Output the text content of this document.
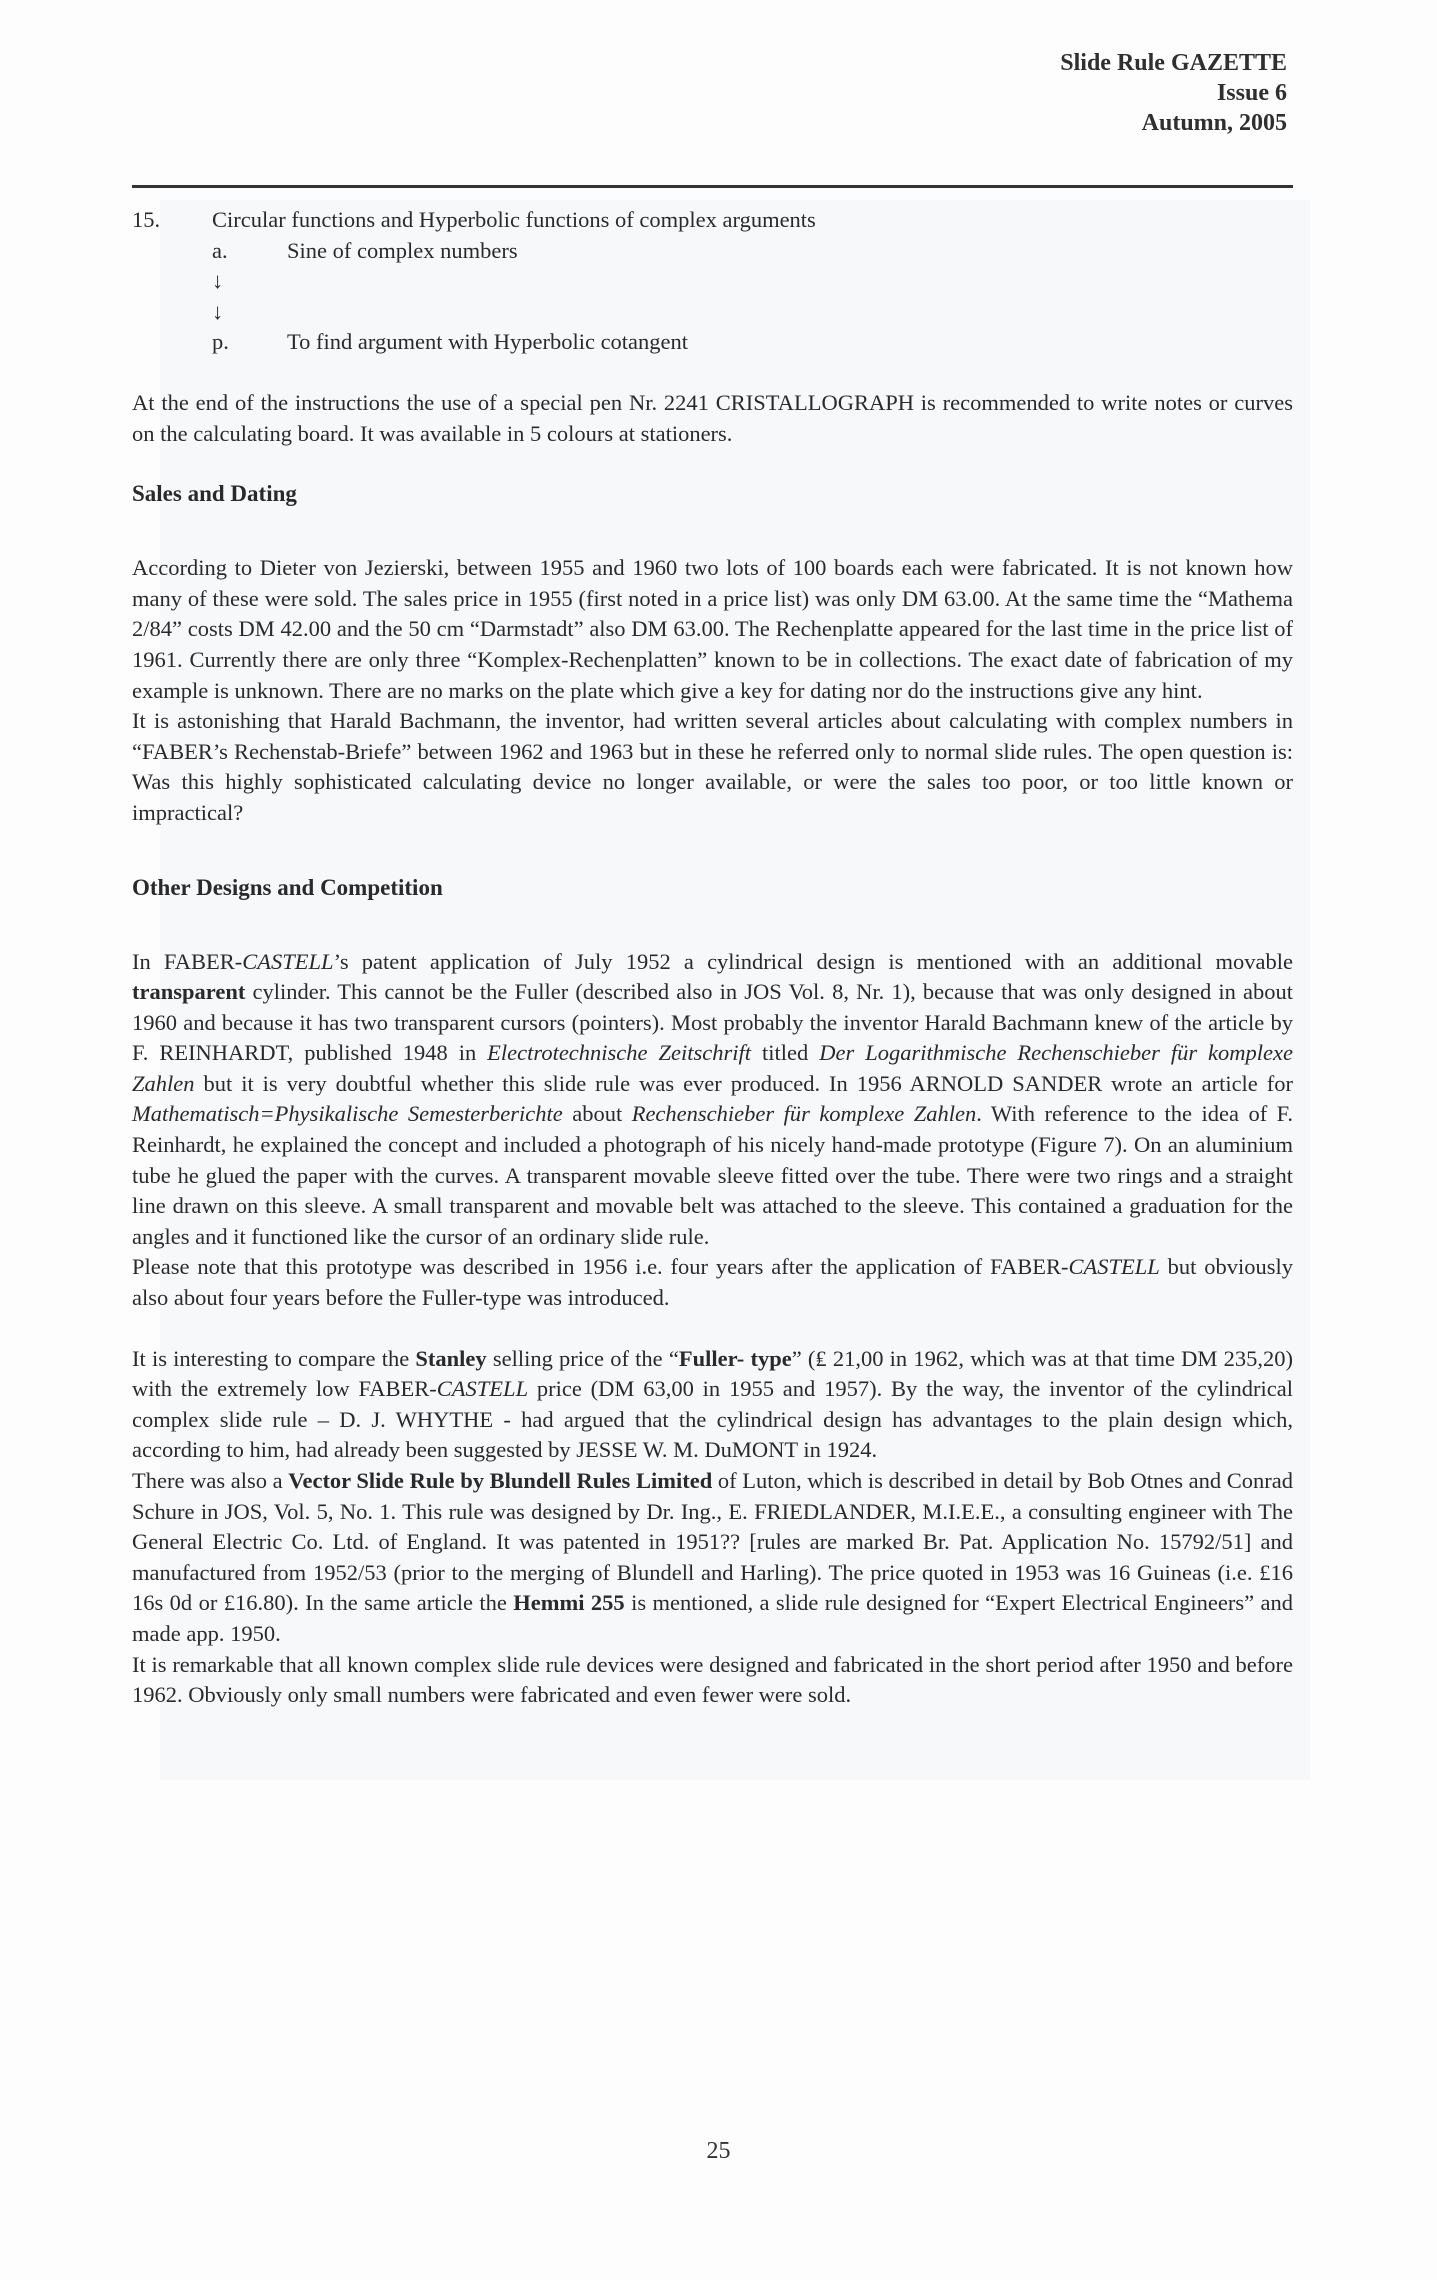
Slide Rule GAZETTE
Issue 6
Autumn, 2005
15.	Circular functions and Hyperbolic functions of complex arguments
a.	Sine of complex numbers
↓
↓
p.	To find argument with Hyperbolic cotangent

At the end of the instructions the use of a special pen Nr. 2241 CRISTALLOGRAPH is recommended to write notes or curves on the calculating board. It was available in 5 colours at stationers.

Sales and Dating

According to Dieter von Jezierski, between 1955 and 1960 two lots of 100 boards each were fabricated. It is not known how many of these were sold. The sales price in 1955 (first noted in a price list) was only DM 63.00. At the same time the “Mathema 2/84” costs DM 42.00 and the 50 cm “Darmstadt” also DM 63.00. The Rechenplatte appeared for the last time in the price list of 1961. Currently there are only three “Komplex-Rechenplatten” known to be in collections. The exact date of fabrication of my example is unknown. There are no marks on the plate which give a key for dating nor do the instructions give any hint.

It is astonishing that Harald Bachmann, the inventor, had written several articles about calculating with complex numbers in “FABER’s Rechenstab-Briefe” between 1962 and 1963 but in these he referred only to normal slide rules. The open question is: Was this highly sophisticated calculating device no longer available, or were the sales too poor, or too little known or impractical?

Other Designs and Competition

In FABER-CASTELL’s patent application of July 1952 a cylindrical design is mentioned with an additional movable transparent cylinder. This cannot be the Fuller (described also in JOS Vol. 8, Nr. 1), because that was only designed in about 1960 and because it has two transparent cursors (pointers). Most probably the inventor Harald Bachmann knew of the article by F. REINHARDT, published 1948 in Electrotechnische Zeitschrift titled Der Logarithmische Rechenschieber für komplexe Zahlen but it is very doubtful whether this slide rule was ever produced. In 1956 ARNOLD SANDER wrote an article for Mathematisch=Physikalische Semesterberichte about Rechenschieber für komplexe Zahlen. With reference to the idea of F. Reinhardt, he explained the concept and included a photograph of his nicely hand-made prototype (Figure 7). On an aluminium tube he glued the paper with the curves. A transparent movable sleeve fitted over the tube. There were two rings and a straight line drawn on this sleeve. A small transparent and movable belt was attached to the sleeve. This contained a graduation for the angles and it functioned like the cursor of an ordinary slide rule.

Please note that this prototype was described in 1956 i.e. four years after the application of FABER-CASTELL but obviously also about four years before the Fuller-type was introduced.

It is interesting to compare the Stanley selling price of the “Fuller- type” (₤ 21,00 in 1962, which was at that time DM 235,20) with the extremely low FABER-CASTELL price (DM 63,00 in 1955 and 1957). By the way, the inventor of the cylindrical complex slide rule – D. J. WHYTHE - had argued that the cylindrical design has advantages to the plain design which, according to him, had already been suggested by JESSE W. M. DuMONT in 1924.

There was also a Vector Slide Rule by Blundell Rules Limited of Luton, which is described in detail by Bob Otnes and Conrad Schure in JOS, Vol. 5, No. 1. This rule was designed by Dr. Ing., E. FRIEDLANDER, M.I.E.E., a consulting engineer with The General Electric Co. Ltd. of England. It was patented in 1951?? [rules are marked Br. Pat. Application No. 15792/51] and manufactured from 1952/53 (prior to the merging of Blundell and Harling). The price quoted in 1953 was 16 Guineas (i.e. £16 16s 0d or £16.80). In the same article the Hemmi 255 is mentioned, a slide rule designed for “Expert Electrical Engineers” and made app. 1950.

It is remarkable that all known complex slide rule devices were designed and fabricated in the short period after 1950 and before 1962. Obviously only small numbers were fabricated and even fewer were sold.

25
